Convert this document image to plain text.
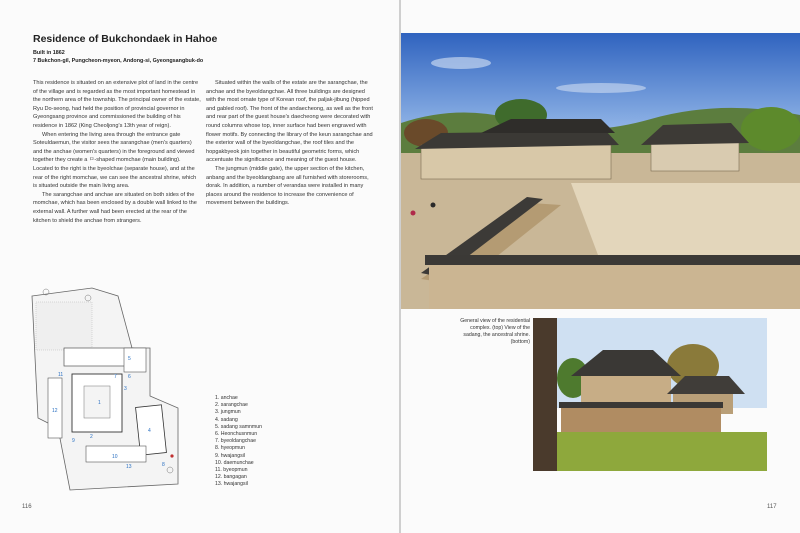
Residence of Bukchondaek in Hahoe
Built in 1862
7 Bukchon-gil, Pungcheon-myeon, Andong-si, Gyeongsangbuk-do

This residence is situated on an extensive plot of land in the centre of the village and is regarded as the most important homestead in the northern area of the township. The principal owner of the estate, Ryu Do-seong, had held the position of provincial governor in Gyeongsang province and commissioned the building of his residence in 1862 (King Cheoljong's 13th year of reign).

When entering the living area through the entrance gate Soteuldaemun, the visitor sees the sarangchae (men's quarters) and the anchae (women's quarters) in the foreground and viewed together they create a ㅁ-shaped momchae (main building). Located to the right is the byeolchae (separate house), and at the rear of the right momchae, we can see the ancestral shrine, which is situated outside the main living area.

The sarangchae and anchae are situated on both sides of the momchae, which has been enclosed by a double wall linked to the external wall. A further wall had been erected at the rear of the kitchen to shield the anchae from strangers.

Situated within the walls of the estate are the sarangchae, the anchae and the byeoldangchae. All three buildings are designed with the most ornate type of Korean roof, the paljak-jibung (hipped and gabled roof). The front of the andaecheong, as well as the front and rear part of the guest house's daecheong were decorated with round columns whose top, inner surface had been engraved with flower motifs. By connecting the library of the keun sarangchae and the exterior wall of the byeoldangchae, the roof tiles and the hopgakbyeok join together in beautiful geometric forms, which accentuate the significance and meaning of the guest house.

The jungmun (middle gate), the upper section of the kitchen, anbang and the byeoldangbang are all furnished with storerooms, dorak. In addition, a number of verandas were installed in many places around the residence to increase the convenience of movement between the buildings.

1
2
3
4
5
6
7
8
9
10
11
12
13
1. anchae
2. sarangchae
3. jungmun
4. sadang
5. sadang samnmun
6. Heonchusnmun
7. byeoldangchae
8. hyeopmun
9. hwajangsil
10. daemunchae
11. byeopmun
12. bangagan
13. hwajangsil
116
General view of the residential complex. (top) View of the sadang, the ancestral shrine. (bottom)
117
